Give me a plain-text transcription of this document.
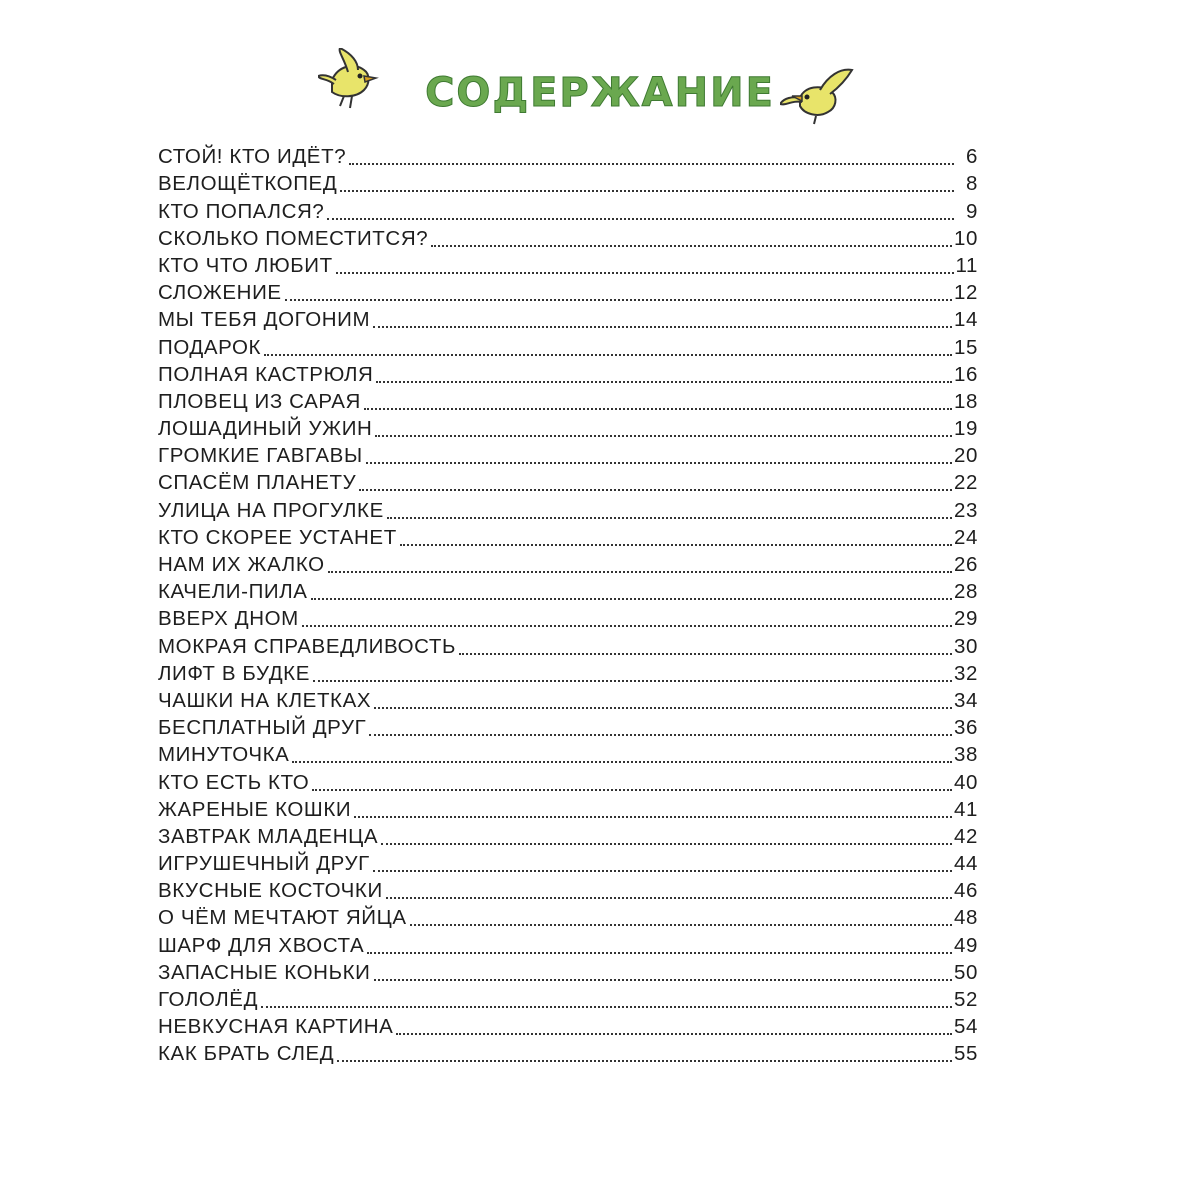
СОДЕРЖАНИЕ
СТОЙ! КТО ИДЁТ?	6
ВЕЛОЩЁТКОПЕД	8
КТО ПОПАЛСЯ?	9
СКОЛЬКО ПОМЕСТИТСЯ?	10
КТО ЧТО ЛЮБИТ	11
СЛОЖЕНИЕ	12
МЫ ТЕБЯ ДОГОНИМ	14
ПОДАРОК	15
ПОЛНАЯ КАСТРЮЛЯ	16
ПЛОВЕЦ ИЗ САРАЯ	18
ЛОШАДИНЫЙ УЖИН	19
ГРОМКИЕ ГАВГАВЫ	20
СПАСЁМ ПЛАНЕТУ	22
УЛИЦА НА ПРОГУЛКЕ	23
КТО СКОРЕЕ УСТАНЕТ	24
НАМ ИХ ЖАЛКО	26
КАЧЕЛИ-ПИЛА	28
ВВЕРХ ДНОМ	29
МОКРАЯ СПРАВЕДЛИВОСТЬ	30
ЛИФТ В БУДКЕ	32
ЧАШКИ НА КЛЕТКАХ	34
БЕСПЛАТНЫЙ ДРУГ	36
МИНУТОЧКА	38
КТО ЕСТЬ КТО	40
ЖАРЕНЫЕ КОШКИ	41
ЗАВТРАК МЛАДЕНЦА	42
ИГРУШЕЧНЫЙ ДРУГ	44
ВКУСНЫЕ КОСТОЧКИ	46
О ЧЁМ МЕЧТАЮТ ЯЙЦА	48
ШАРФ ДЛЯ ХВОСТА	49
ЗАПАСНЫЕ КОНЬКИ	50
ГОЛОЛЁД	52
НЕВКУСНАЯ КАРТИНА	54
КАК БРАТЬ СЛЕД	55
